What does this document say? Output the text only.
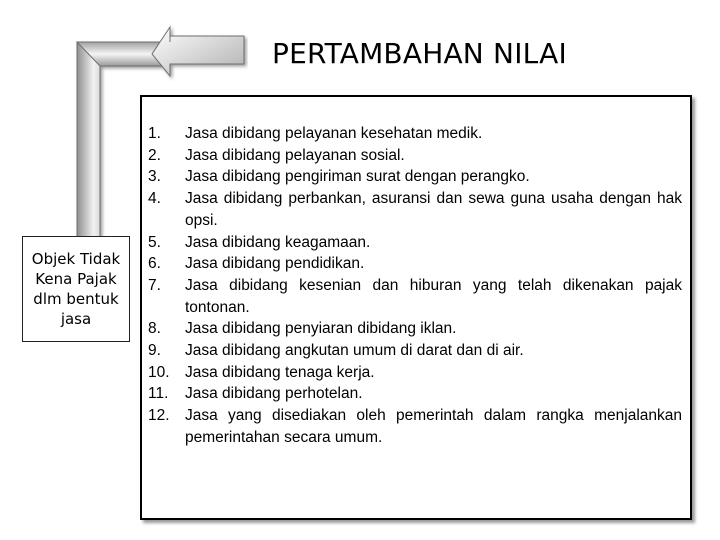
PERTAMBAHAN NILAI
Objek Tidak Kena Pajak dlm bentuk jasa
1.	Jasa dibidang pelayanan kesehatan medik.
2.	Jasa dibidang pelayanan sosial.
3.	Jasa dibidang pengiriman surat dengan perangko.
4.	Jasa dibidang perbankan, asuransi dan sewa guna usaha dengan hak opsi.
5.	Jasa dibidang keagamaan.
6.	Jasa dibidang pendidikan.
7.	Jasa dibidang kesenian dan hiburan yang telah dikenakan pajak tontonan.
8.	Jasa dibidang penyiaran dibidang iklan.
9.	Jasa dibidang angkutan umum di darat dan di air.
10. Jasa dibidang tenaga kerja.
11.	Jasa dibidang perhotelan.
12. Jasa yang disediakan oleh pemerintah dalam rangka menjalankan pemerintahan secara umum.
